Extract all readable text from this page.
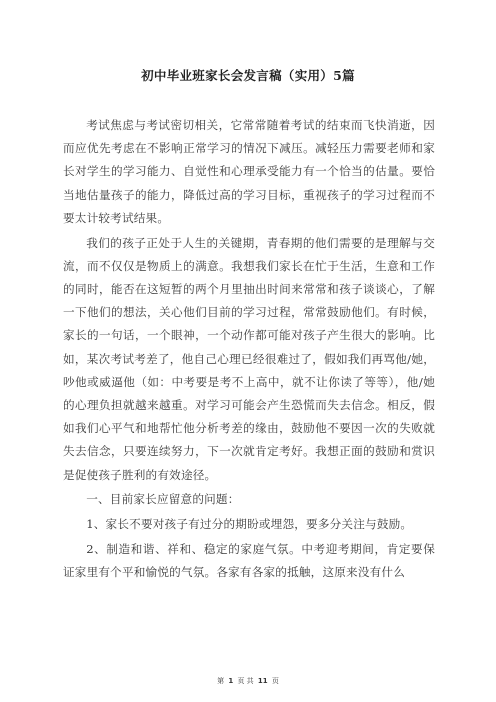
初中毕业班家长会发言稿（实用）5篇

考试焦虑与考试密切相关，它常常随着考试的结束而飞快消逝，因而应优先考虑在不影响正常学习的情况下减压。减轻压力需要老师和家长对学生的学习能力、自觉性和心理承受能力有一个恰当的估量。要恰当地估量孩子的能力，降低过高的学习目标，重视孩子的学习过程而不要太计较考试结果。

我们的孩子正处于人生的关键期，青春期的他们需要的是理解与交流，而不仅仅是物质上的满意。我想我们家长在忙于生活，生意和工作的同时，能否在这短暂的两个月里抽出时间来常常和孩子谈谈心，了解一下他们的想法，关心他们目前的学习过程，常常鼓励他们。有时候，家长的一句话，一个眼神，一个动作都可能对孩子产生很大的影响。比如，某次考试考差了，他自己心理已经很难过了，假如我们再骂他/她，吵他或威逼他（如：中考要是考不上高中，就不让你读了等等），他/她的心理负担就越来越重。对学习可能会产生恐慌而失去信念。相反，假如我们心平气和地帮忙他分析考差的缘由，鼓励他不要因一次的失败就失去信念，只要连续努力，下一次就肯定考好。我想正面的鼓励和赏识是促使孩子胜利的有效途径。

一、目前家长应留意的问题：

1、家长不要对孩子有过分的期盼或埋怨，要多分关注与鼓励。

2、制造和谐、祥和、稳定的家庭气氛。中考迎考期间，肯定要保证家里有个平和愉悦的气氛。各家有各家的抵触，这原来没有什么

第 1 页 共 11 页
